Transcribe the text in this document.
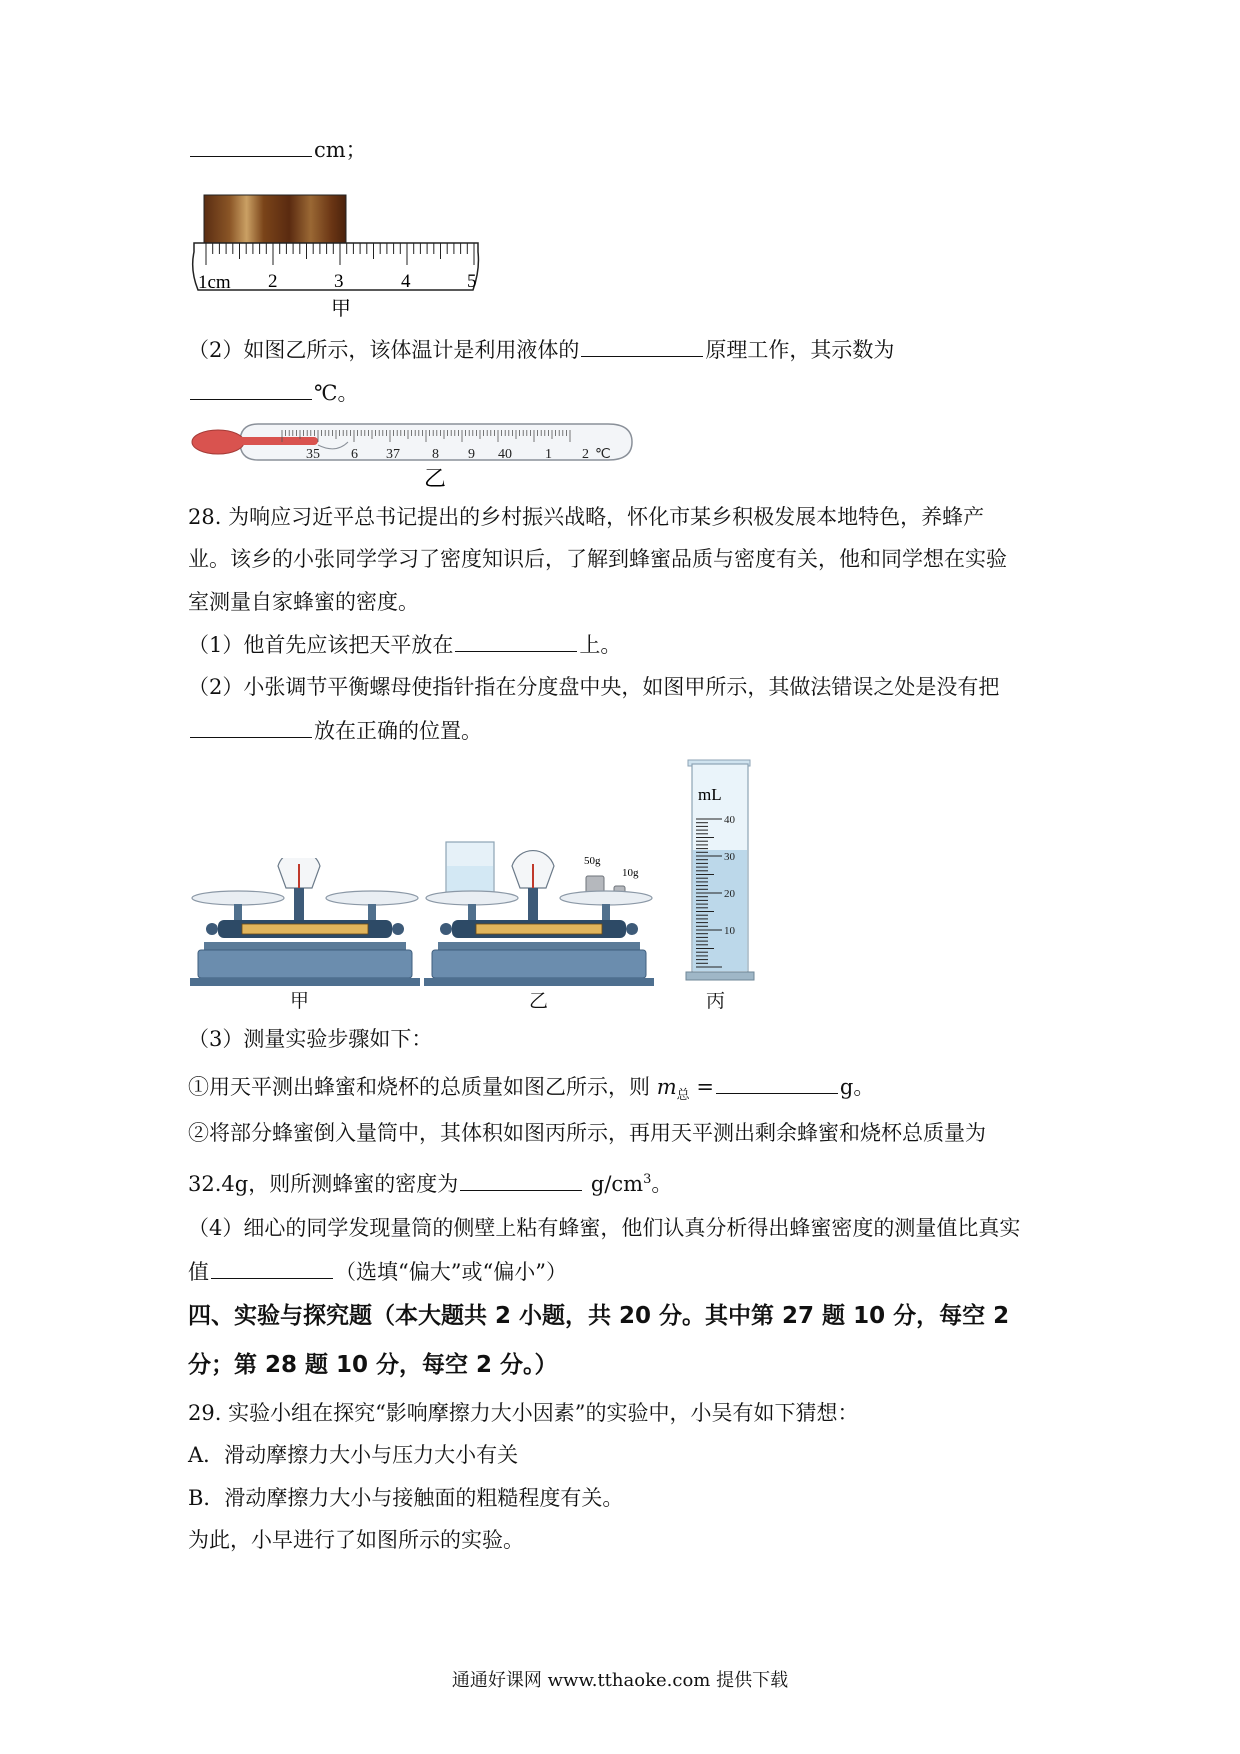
cm；
1cm 2	3	4	5
甲
（2）如图乙所示，该体温计是利用液体的	原理工作，其示数为
℃。
35 6 37 8 9 40 1 2 ℃
乙
28. 为响应习近平总书记提出的乡村振兴战略，怀化市某乡积极发展本地特色，养蜂产
业。该乡的小张同学学习了密度知识后，了解到蜂蜜品质与密度有关，他和同学想在实验
室测量自家蜂蜜的密度。
（1）他首先应该把天平放在	上。
（2）小张调节平衡螺母使指针指在分度盘中央，如图甲所示，其做法错误之处是没有把
放在正确的位置。
50g
10g
mL
40
30
20
10
甲	乙	丙
（3）测量实验步骤如下：
①用天平测出蜂蜜和烧杯的总质量如图乙所示，则 $m_总$ =	g。
②将部分蜂蜜倒入量筒中，其体积如图丙所示，再用天平测出剩余蜂蜜和烧杯总质量为
32.4g，则所测蜂蜜的密度为	$g/cm^3$。
（4）细心的同学发现量筒的侧壁上粘有蜂蜜，他们认真分析得出蜂蜜密度的测量值比真实
值	（选填“偏大”或“偏小”）
四、实验与探究题（本大题共 2 小题，共 20 分。其中第 27 题 10 分，每空 2
分；第 28 题 10 分，每空 2 分。）
29. 实验小组在探究“影响摩擦力大小因素”的实验中，小吴有如下猜想：
A．滑动摩擦力大小与压力大小有关
B．滑动摩擦力大小与接触面的粗糙程度有关。
为此，小早进行了如图所示的实验。
通通好课网 www.tthaoke.com 提供下载
